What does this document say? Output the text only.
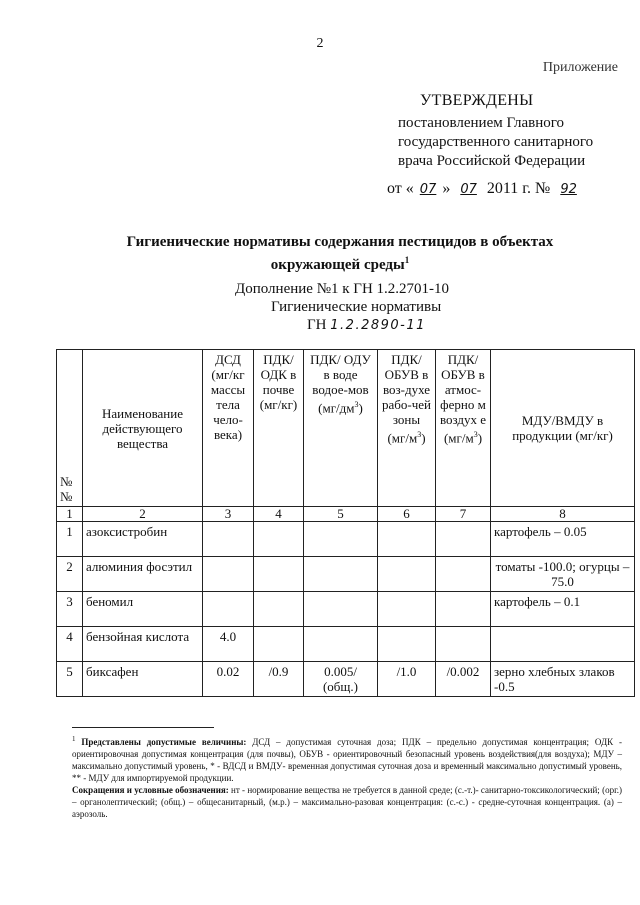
2
Приложение
УТВЕРЖДЕНЫ
постановлением Главного
государственного санитарного
врача Российской Федерации
от « 07 » 07 2011 г. № 92
Гигиенические нормативы содержания пестицидов в объектах
окружающей среды$^1$
Дополнение №1 к ГН 1.2.2701-10
Гигиенические нормативы
ГН 1.2.2890-11
№ №	Наименование действующего вещества	ДСД (мг/кг массы тела чело-века)	ПДК/ ОДК в почве (мг/кг)	ПДК/ ОДУ в воде водое-мов $(мг/дм^3)$	ПДК/ ОБУВ в воз-духе рабо-чей зоны $(мг/м^3)$	ПДК/ ОБУВ в атмос-ферно м воздух е $(мг/м^3)$	МДУ/ВМДУ в продукции (мг/кг)
1	2	3	4	5	6	7	8
1	азоксистробин						картофель – 0.05
2	алюминия фосэтил						томаты -100.0; огурцы – 75.0
3	беномил						картофель – 0.1
4	бензойная кислота	4.0					
5	биксафен	0.02	/0.9	0.005/ (общ.)	/1.0	/0.002	зерно хлебных злаков -0.5
$^1$ Представлены допустимые величины: ДСД – допустимая суточная доза; ПДК – предельно допустимая концентрация; ОДК - ориентировочная допустимая концентрация (для почвы), ОБУВ - ориентировочный безопасный уровень воздействия(для воздуха); МДУ – максимально допустимый уровень, * - ВДСД и ВМДУ- временная допустимая суточная доза и временный максимально допустимый уровень, ** - МДУ для импортируемой продукции.
Сокращения и условные обозначения: нт - нормирование вещества не требуется в данной среде; (с.-т.)- санитарно-токсикологический; (орг.) – органолептический; (общ.) – общесанитарный, (м.р.) – максимально-разовая концентрация: (с.-с.) - средне-суточная концентрация. (а) – аэрозоль.
